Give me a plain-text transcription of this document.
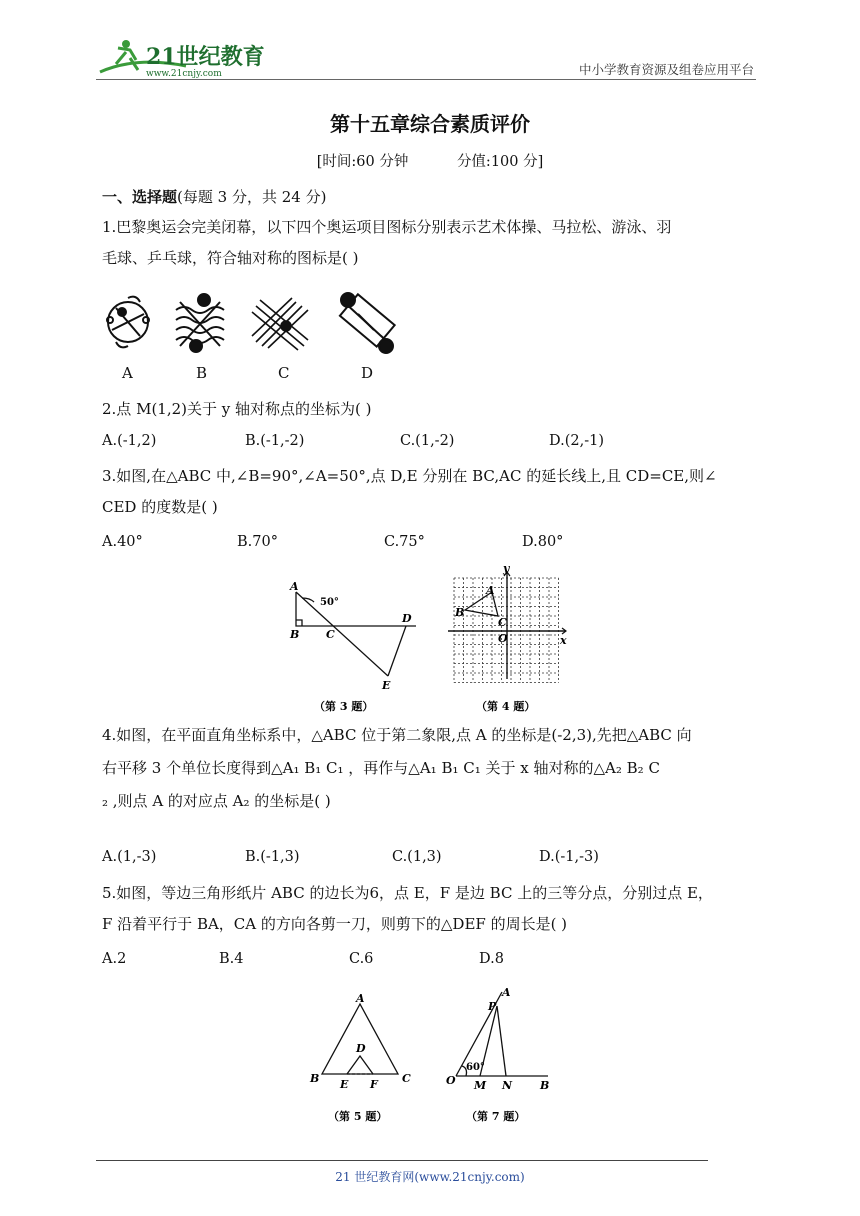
21世纪教育
www.21cnjy.com	中小学教育资源及组卷应用平台
第十五章综合素质评价
[时间:60 分钟	分值:100 分]
一、选择题(每题 3 分，共 24 分)
1.巴黎奥运会完美闭幕，以下四个奥运项目图标分别表示艺术体操、马拉松、游泳、羽
毛球、乒乓球，符合轴对称的图标是( )
A	B	C	D
2.点 M(1,2)关于 y 轴对称点的坐标为( )
A.(-1,2)	B.(-1,-2)	C.(1,-2)	D.(2,-1)
3.如图,在△ABC 中,∠B=90°,∠A=50°,点 D,E 分别在 BC,AC 的延长线上,且 CD=CE,则∠
CED 的度数是( )
A.40°	B.70°	C.75°	D.80°
A
B C
D
E
50°
（第 3 题）
y
x
A
B
C
O
（第 4 题）
4.如图，在平面直角坐标系中，△ABC 位于第二象限,点 A 的坐标是(-2,3),先把△ABC 向
右平移 3 个单位长度得到△A₁ B₁ C₁ ，再作与△A₁ B₁ C₁ 关于 x 轴对称的△A₂ B₂ C
₂ ,则点 A 的对应点 A₂ 的坐标是( )
A.(1,-3)	B.(-1,3)	C.(1,3)	D.(-1,-3)
5.如图，等边三角形纸片 ABC 的边长为6，点 E，F 是边 BC 上的三等分点，分别过点 E，
F 沿着平行于 BA，CA 的方向各剪一刀，则剪下的△DEF 的周长是( )
A.2	B.4	C.6	D.8
A
D
B E F C
（第 5 题）
A
P
O M N	B
60°
（第 7 题）
21 世纪教育网(www.21cnjy.com)
